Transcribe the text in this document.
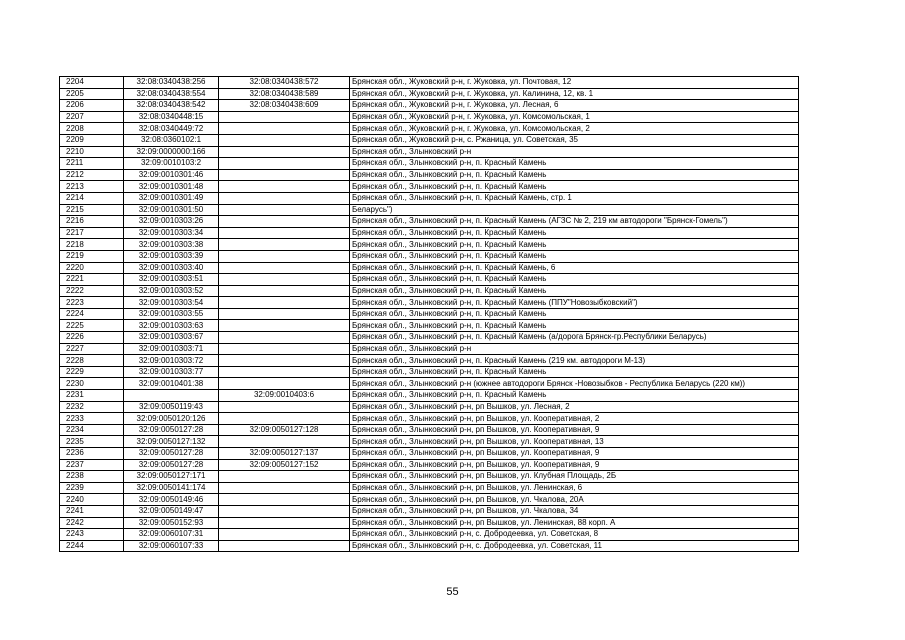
2204	32:08:0340438:256	32:08:0340438:572	Брянская обл., Жуковский р-н, г. Жуковка, ул. Почтовая, 12
2205	32:08:0340438:554	32:08:0340438:589	Брянская обл., Жуковский р-н, г. Жуковка, ул. Калинина, 12, кв. 1
2206	32:08:0340438:542	32:08:0340438:609	Брянская обл., Жуковский р-н, г. Жуковка, ул. Лесная, 6
2207	32:08:0340448:15		Брянская обл., Жуковский р-н, г. Жуковка, ул. Комсомольская, 1
2208	32:08:0340449:72		Брянская обл., Жуковский р-н, г. Жуковка, ул. Комсомольская, 2
2209	32:08:0360102:1		Брянская обл., Жуковский р-н, с. Ржаница, ул. Советская, 35
2210	32:09:0000000:166		Брянская обл., Злынковский р-н
2211	32:09:0010103:2		Брянская обл., Злынковский р-н, п. Красный Камень
2212	32:09:0010301:46		Брянская обл., Злынковский р-н, п. Красный Камень
2213	32:09:0010301:48		Брянская обл., Злынковский р-н, п. Красный Камень
2214	32:09:0010301:49		Брянская обл., Злынковский р-н, п. Красный Камень, стр. 1
2215	32:09:0010301:50		Беларусь")
2216	32:09:0010303:26		Брянская обл., Злынковский р-н, п. Красный Камень (АГЗС № 2, 219 км автодороги "Брянск-Гомель")
2217	32:09:0010303:34		Брянская обл., Злынковский р-н, п. Красный Камень
2218	32:09:0010303:38		Брянская обл., Злынковский р-н, п. Красный Камень
2219	32:09:0010303:39		Брянская обл., Злынковский р-н, п. Красный Камень
2220	32:09:0010303:40		Брянская обл., Злынковский р-н, п. Красный Камень, 6
2221	32:09:0010303:51		Брянская обл., Злынковский р-н, п. Красный Камень
2222	32:09:0010303:52		Брянская обл., Злынковский р-н, п. Красный Камень
2223	32:09:0010303:54		Брянская обл., Злынковский р-н, п. Красный Камень (ППУ"Новозыбковский")
2224	32:09:0010303:55		Брянская обл., Злынковский р-н, п. Красный Камень
2225	32:09:0010303:63		Брянская обл., Злынковский р-н, п. Красный Камень
2226	32:09:0010303:67		Брянская обл., Злынковский р-н, п. Красный Камень (а/дорога Брянск-гр.Республики Беларусь)
2227	32:09:0010303:71		Брянская обл., Злынковский р-н
2228	32:09:0010303:72		Брянская обл., Злынковский р-н, п. Красный Камень (219 км. автодороги М-13)
2229	32:09:0010303:77		Брянская обл., Злынковский р-н, п. Красный Камень
2230	32:09:0010401:38		Брянская обл., Злынковский р-н (южнее автодороги Брянск -Новозыбков - Республика Беларусь (220 км))
2231		32:09:0010403:6	Брянская обл., Злынковский р-н, п. Красный Камень
2232	32:09:0050119:43		Брянская обл., Злынковский р-н, рп Вышков, ул. Лесная, 2
2233	32:09:0050120:126		Брянская обл., Злынковский р-н, рп Вышков, ул. Кооперативная, 2
2234	32:09:0050127:28	32:09:0050127:128	Брянская обл., Злынковский р-н, рп Вышков, ул. Кооперативная, 9
2235	32:09:0050127:132		Брянская обл., Злынковский р-н, рп Вышков, ул. Кооперативная, 13
2236	32:09:0050127:28	32:09:0050127:137	Брянская обл., Злынковский р-н, рп Вышков, ул. Кооперативная, 9
2237	32:09:0050127:28	32:09:0050127:152	Брянская обл., Злынковский р-н, рп Вышков, ул. Кооперативная, 9
2238	32:09:0050127:171		Брянская обл., Злынковский р-н, рп Вышков, ул. Клубная Площадь, 2Б
2239	32:09:0050141:174		Брянская обл., Злынковский р-н, рп Вышков, ул. Ленинская, 6
2240	32:09:0050149:46		Брянская обл., Злынковский р-н, рп Вышков, ул. Чкалова, 20А
2241	32:09:0050149:47		Брянская обл., Злынковский р-н, рп Вышков, ул. Чкалова, 34
2242	32:09:0050152:93		Брянская обл., Злынковский р-н, рп Вышков, ул. Ленинская, 88 корп. А
2243	32:09:0060107:31		Брянская обл., Злынковский р-н, с. Добродеевка, ул. Советская, 8
2244	32:09:0060107:33		Брянская обл., Злынковский р-н, с. Добродеевка, ул. Советская, 11
55
